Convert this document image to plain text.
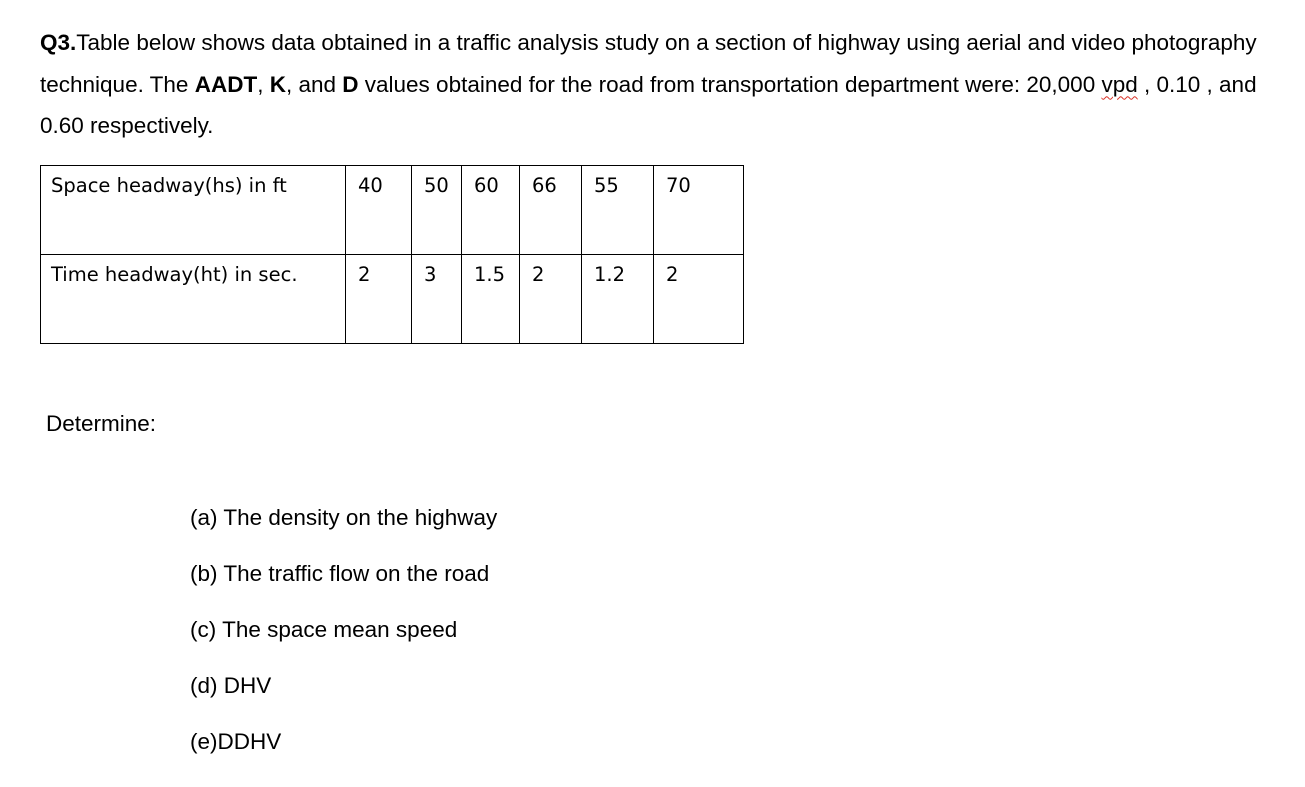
Q3.Table below shows data obtained in a traffic analysis study on a section of highway using aerial and video photography technique. The AADT, K, and D values obtained for the road from transportation department were: 20,000 vpd , 0.10 , and 0.60 respectively.

Space headway(hs) in ft	40	50	60	66	55	70
Time headway(ht) in sec.	2	3	1.5	2	1.2	2

Determine:

(a) The density on the highway
(b) The traffic flow on the road
(c) The space mean speed
(d) DHV
(e)DDHV
